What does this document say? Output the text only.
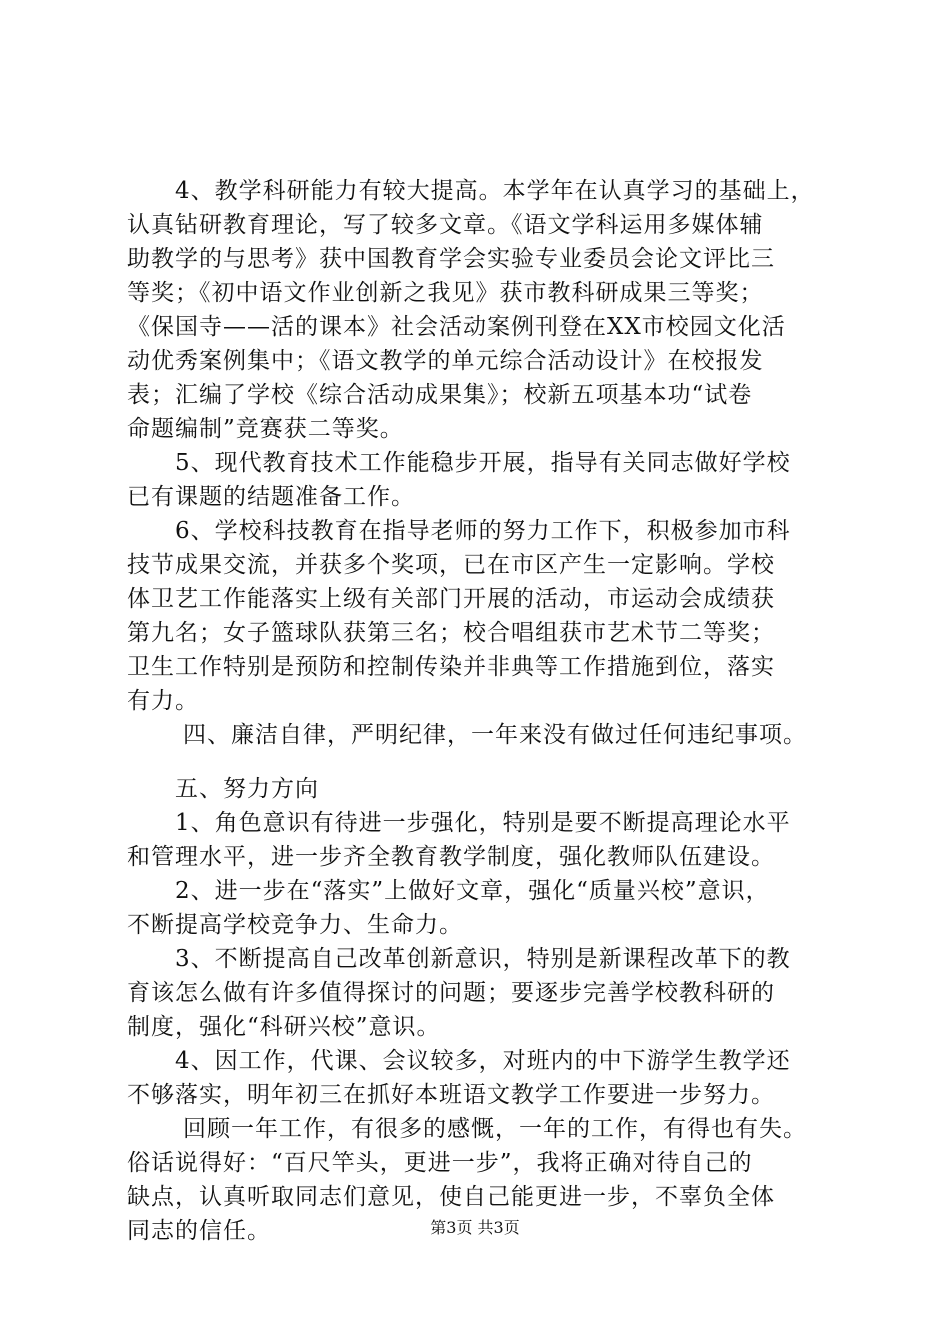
4、教学科研能力有较大提高。本学年在认真学习的基础上，
认真钻研教育理论，写了较多文章。《语文学科运用多媒体辅
助教学的与思考》获中国教育学会实验专业委员会论文评比三
等奖；《初中语文作业创新之我见》获市教科研成果三等奖；
《保国寺——活的课本》社会活动案例刊登在XX市校园文化活
动优秀案例集中；《语文教学的单元综合活动设计》在校报发
表；汇编了学校《综合活动成果集》；校新五项基本功“试卷
命题编制”竞赛获二等奖。
5、现代教育技术工作能稳步开展，指导有关同志做好学校
已有课题的结题准备工作。
6、学校科技教育在指导老师的努力工作下，积极参加市科
技节成果交流，并获多个奖项，已在市区产生一定影响。学校
体卫艺工作能落实上级有关部门开展的活动，市运动会成绩获
第九名；女子篮球队获第三名；校合唱组获市艺术节二等奖；
卫生工作特别是预防和控制传染并非典等工作措施到位，落实
有力。
四、廉洁自律，严明纪律，一年来没有做过任何违纪事项。
五、努力方向
1、角色意识有待进一步强化，特别是要不断提高理论水平
和管理水平，进一步齐全教育教学制度，强化教师队伍建设。
2、进一步在“落实”上做好文章，强化“质量兴校”意识，
不断提高学校竞争力、生命力。
3、不断提高自己改革创新意识，特别是新课程改革下的教
育该怎么做有许多值得探讨的问题；要逐步完善学校教科研的
制度，强化“科研兴校”意识。
4、因工作，代课、会议较多，对班内的中下游学生教学还
不够落实，明年初三在抓好本班语文教学工作要进一步努力。
回顾一年工作，有很多的感慨，一年的工作，有得也有失。
俗话说得好：“百尺竿头，更进一步”，我将正确对待自己的
缺点，认真听取同志们意见，使自己能更进一步，不辜负全体
同志的信任。	第3页 共3页
